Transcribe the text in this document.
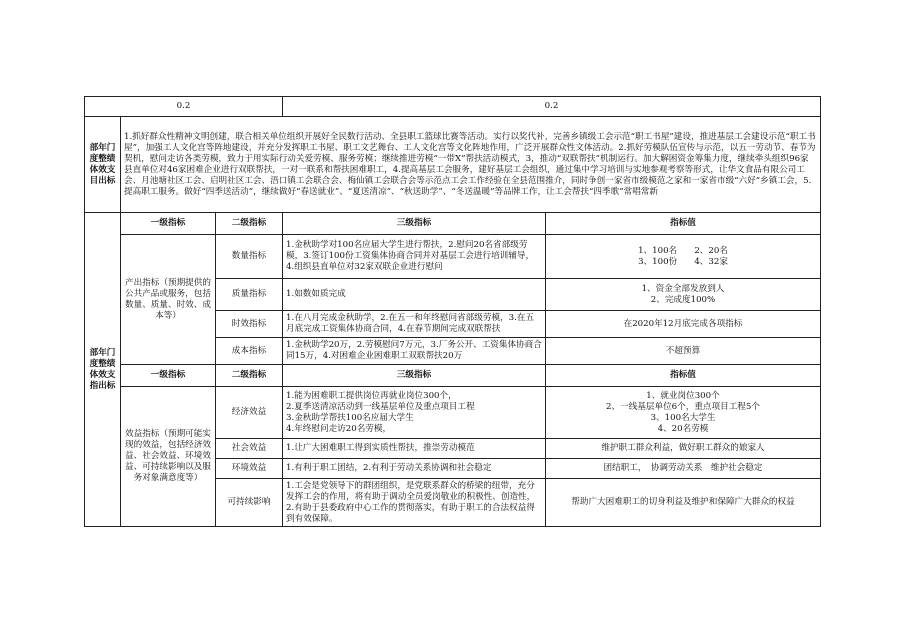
0.2			0.2	
部年门度整绩体效支目出标	1.抓好群众性精神文明创建，联合相关单位组织开展好全民数行活动、全县职工篮球比赛等活动。实行以奖代补，完善乡镇级工会示范“职工书屋”建设，推进基层工会建设示范“职工书屋”，加强工人文化宫等阵地建设，并充分发挥职工书屋、职工文艺舞台、工人文化宫等文化阵地作用，广泛开展群众性文体活动。2.抓好劳模队伍宣传与示范，以五一劳动节、春节为契机，慰问走访各类劳模，致力于用实际行动关爱劳模、服务劳模；继续推进劳模“一带X”帮扶活动模式，3，推动“双联帮扶”机制运行。加大解困资金筹集力度，继续牵头组织96家县直单位对46家困难企业进行双联帮扶，一对一联系和帮扶困难职工，4.提高基层工会服务，建好基层工会组织，通过集中学习培训与实地参观考察等形式，让华文食品有限公司工会、月池塘社区工会、启明社区工会、浯口镇工会联合会、梅仙镇工会联合会等示范点工会工作经验在全县范围推介，同时争创一家省市级模范之家和一家省市级“六好”乡镇工会，5.提高职工服务。做好“四季送活动”，继续做好“春送就业”、“夏送清凉”、“秋送助学”、“冬送温暖”等品牌工作，让工会帮扶“四季歌”常唱常新			
部年门度整绩体效支指出标	一级指标	二级指标	三级指标	指标值
	产出指标（预期提供的公共产品或服务，包括数量、质量、时效、成本等）	数量指标	1.金秋助学对100名应届大学生进行帮扶，2.慰问20名省部级劳模，3.签订100份工资集体协商合同并对基层工会进行培训辅导，4.组织县直单位对32家双联企业进行慰问	1、100名　　2、20名
3、100份　　4、32家

		质量指标	1.如数如质完成	1、资金全部发放到人
2、完成度100%

		时效指标	1.在八月完成金秋助学，2.在五一和年终慰问省部级劳模，3.在五月底完成工资集体协商合同，4.在春节期间完成双联帮扶	在2020年12月底完成各项指标

		成本指标	1.金秋助学20万，2.劳模慰问7万元，3.厂务公开、工资集体协商合同15万，4.对困难企业困难职工双联帮扶20万	不超预算

	一级指标	二级指标	三级指标	指标值
	效益指标（预期可能实现的效益，包括经济效益、社会效益、环境效益、可持续影响以及服务对象满意度等）	经济效益	1.能为困难职工提供岗位再就业岗位300个，
2.夏季送清凉活动到一线基层单位及重点项目工程
3.金秋助学帮扶100名应届大学生
4.年终慰问走访20名劳模，	1、就业岗位300个
2、一线基层单位6个，重点项目工程5个
3、100名大学生
4、20名劳模

		社会效益	1.让广大困难职工得到实质性帮扶，推崇劳动模范	维护职工群众利益，做好职工群众的娘家人

		环境效益	1.有利于职工团结，2.有利于劳动关系协调和社会稳定	团结职工，　协调劳动关系　维护社会稳定

		可持续影响	1.工会是党领导下的群团组织，是党联系群众的桥梁的纽带，充分发挥工会的作用，将有助于调动全员爱岗敬业的积极性、创造性，2.有助于县委政府中心工作的贯彻落实，有助于职工的合法权益得到有效保障。	帮助广大困难职工的切身利益及维护和保障广大群众的权益
